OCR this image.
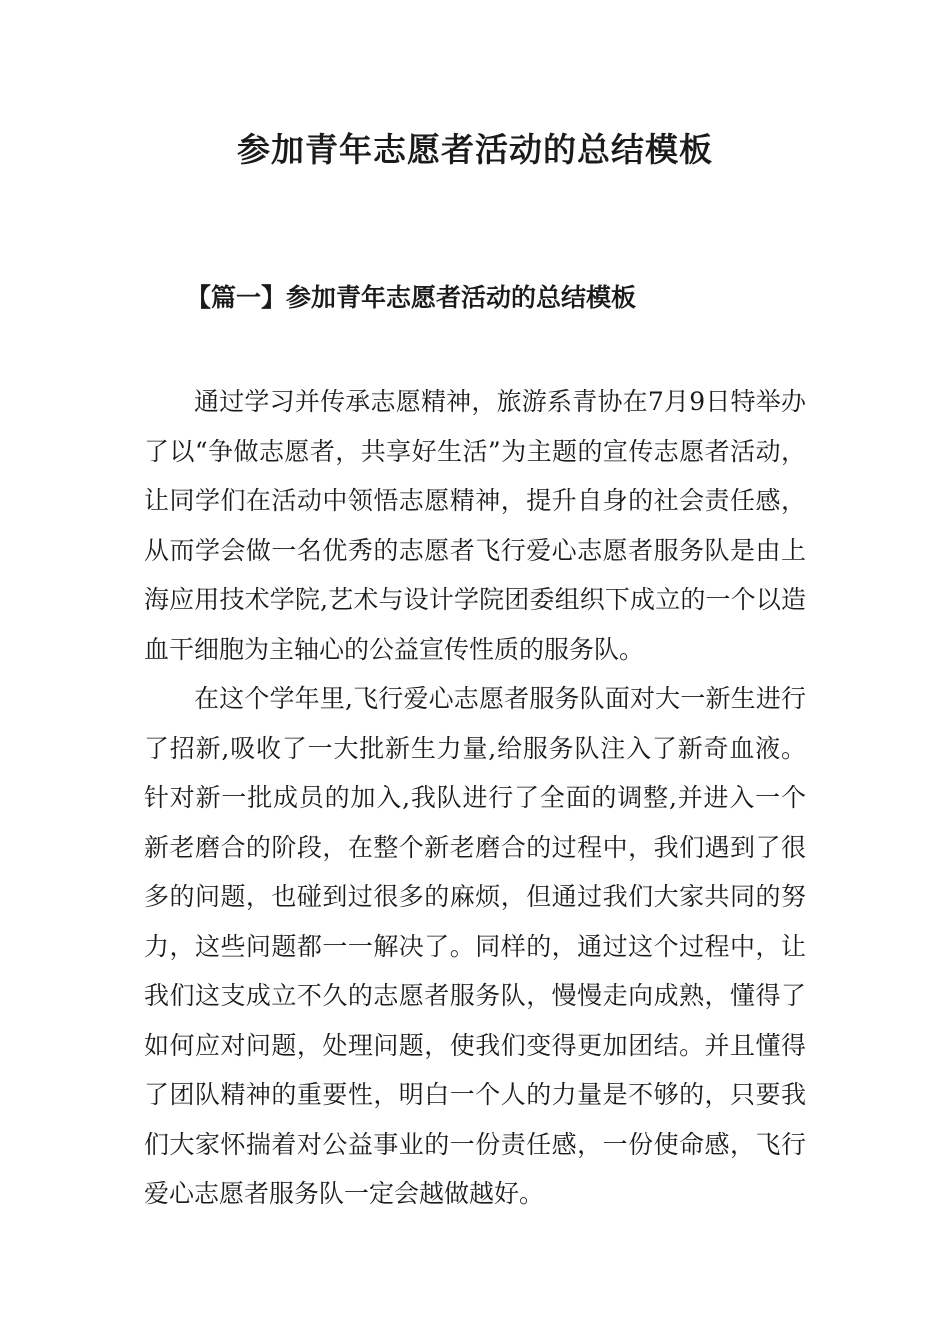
参加青年志愿者活动的总结模板
【篇一】参加青年志愿者活动的总结模板

通过学习并传承志愿精神，旅游系青协在7月9日特举办了以“争做志愿者，共享好生活”为主题的宣传志愿者活动，让同学们在活动中领悟志愿精神，提升自身的社会责任感，从而学会做一名优秀的志愿者飞行爱心志愿者服务队是由上海应用技术学院,艺术与设计学院团委组织下成立的一个以造血干细胞为主轴心的公益宣传性质的服务队。

在这个学年里,飞行爱心志愿者服务队面对大一新生进行了招新,吸收了一大批新生力量,给服务队注入了新奇血液。针对新一批成员的加入,我队进行了全面的调整,并进入一个新老磨合的阶段，在整个新老磨合的过程中，我们遇到了很多的问题，也碰到过很多的麻烦，但通过我们大家共同的努力，这些问题都一一解决了。同样的，通过这个过程中，让我们这支成立不久的志愿者服务队，慢慢走向成熟，懂得了如何应对问题，处理问题，使我们变得更加团结。并且懂得了团队精神的重要性，明白一个人的力量是不够的，只要我们大家怀揣着对公益事业的一份责任感，一份使命感，飞行爱心志愿者服务队一定会越做越好。
